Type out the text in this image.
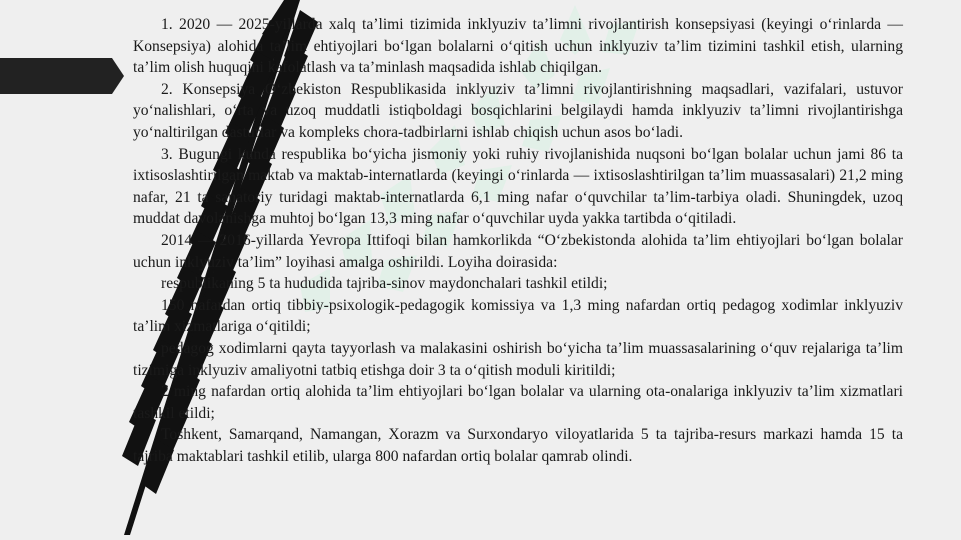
1. 2020 — 2025-yillarda xalq ta’limi tizimida inklyuziv ta’limni rivojlantirish konsepsiyasi (keyingi o‘rinlarda — Konsepsiya) alohida ta’lim ehtiyojlari bo‘lgan bolalarni o‘qitish uchun inklyuziv ta’lim tizimini tashkil etish, ularning ta’lim olish huquqini kafolatlash va ta’minlash maqsadida ishlab chiqilgan.

2. Konsepsiya O‘zbekiston Respublikasida inklyuziv ta’limni rivojlantirishning maqsadlari, vazifalari, ustuvor yo‘nalishlari, o‘rta va uzoq muddatli istiqboldagi bosqichlarini belgilaydi hamda inklyuziv ta’limni rivojlantirishga yo‘naltirilgan dasturlar va kompleks chora-tadbirlarni ishlab chiqish uchun asos bo‘ladi.

3. Bugungi kunda respublika bo‘yicha jismoniy yoki ruhiy rivojlanishida nuqsoni bo‘lgan bolalar uchun jami 86 ta ixtisoslashtirilgan maktab va maktab-internatlarda (keyingi o‘rinlarda — ixtisoslashtirilgan ta’lim muassasalari) 21,2 ming nafar, 21 ta sanatoriy turidagi maktab-internatlarda 6,1 ming nafar o‘quvchilar ta’lim-tarbiya oladi. Shuningdek, uzoq muddat davolanishga muhtoj bo‘lgan 13,3 ming nafar o‘quvchilar uyda yakka tartibda o‘qitiladi.

2014 — 2016-yillarda Yevropa Ittifoqi bilan hamkorlikda “O‘zbekistonda alohida ta’lim ehtiyojlari bo‘lgan bolalar uchun inklyuziv ta’lim” loyihasi amalga oshirildi. Loyiha doirasida:

respublikaning 5 ta hududida tajriba-sinov maydonchalari tashkil etildi;

150 nafardan ortiq tibbiy-psixologik-pedagogik komissiya va 1,3 ming nafardan ortiq pedagog xodimlar inklyuziv ta’lim xizmatlariga o‘qitildi;

pedagog xodimlarni qayta tayyorlash va malakasini oshirish bo‘yicha ta’lim muassasalarining o‘quv rejalariga ta’lim tizimiga inklyuziv amaliyotni tatbiq etishga doir 3 ta o‘qitish moduli kiritildi;

2 ming nafardan ortiq alohida ta’lim ehtiyojlari bo‘lgan bolalar va ularning ota-onalariga inklyuziv ta’lim xizmatlari tashkil etildi;

Toshkent, Samarqand, Namangan, Xorazm va Surxondaryo viloyatlarida 5 ta tajriba-resurs markazi hamda 15 ta tajriba maktablari tashkil etilib, ularga 800 nafardan ortiq bolalar qamrab olindi.
